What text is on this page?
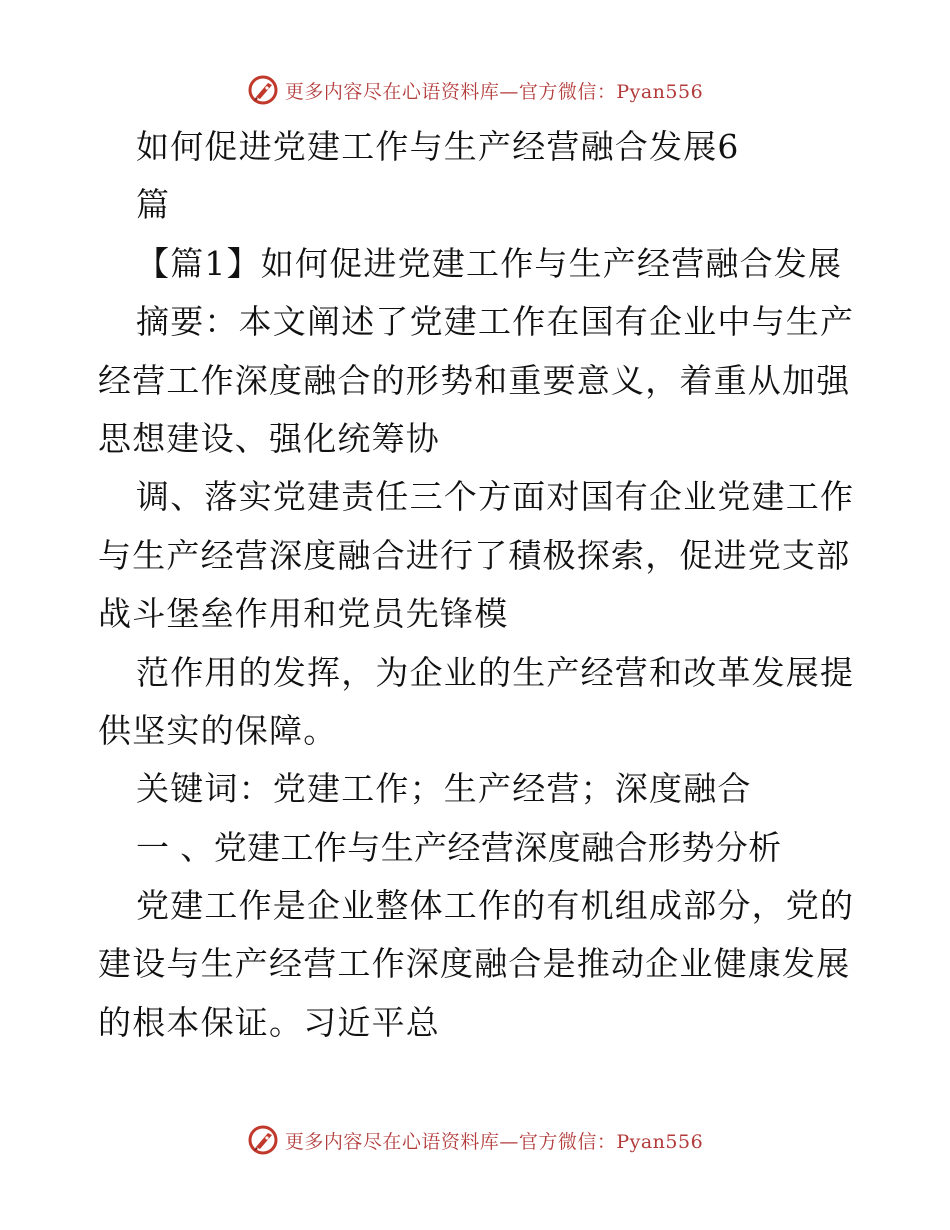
更多内容尽在心语资料库—官方微信：Pyan556
如何促进党建工作与生产经营融合发展6
篇
【篇1】如何促进党建工作与生产经营融合发展
摘要：本文阐述了党建工作在国有企业中与生产
经营工作深度融合的形势和重要意义，着重从加强
思想建设、强化统筹协
调、落实党建责任三个方面对国有企业党建工作
与生产经营深度融合进行了積极探索，促进党支部
战斗堡垒作用和党员先锋模
范作用的发挥，为企业的生产经营和改革发展提
供坚实的保障。
关键词：党建工作；生产经营；深度融合
一 、党建工作与生产经营深度融合形势分析
党建工作是企业整体工作的有机组成部分，党的
建设与生产经营工作深度融合是推动企业健康发展
的根本保证。习近平总
更多内容尽在心语资料库—官方微信：Pyan556
